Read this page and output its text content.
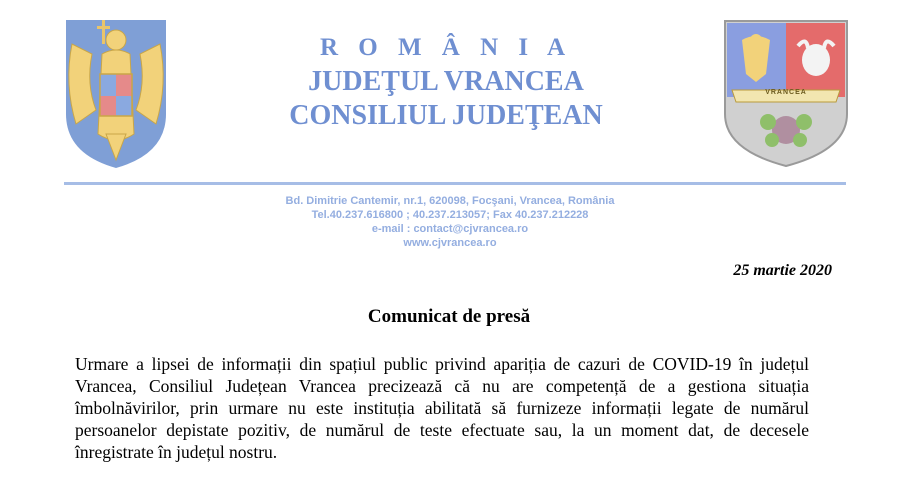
R O M Â N I A
JUDEŢUL VRANCEA
CONSILIUL JUDEŢEAN
VRANCEA
Bd. Dimitrie Cantemir, nr.1, 620098, Focşani, Vrancea, România
Tel.40.237.616800 ; 40.237.213057; Fax 40.237.212228
e-mail : contact@cjvrancea.ro
www.cjvrancea.ro
25 martie 2020
Comunicat de presă
Urmare a lipsei de informații din spațiul public privind apariția de cazuri de COVID-19 în județul Vrancea, Consiliul Județean Vrancea precizează că nu are competență de a gestiona situația îmbolnăvirilor, prin urmare nu este instituția abilitată să furnizeze informații legate de numărul persoanelor depistate pozitiv, de numărul de teste efectuate sau, la un moment dat, de decesele înregistrate în județul nostru.
